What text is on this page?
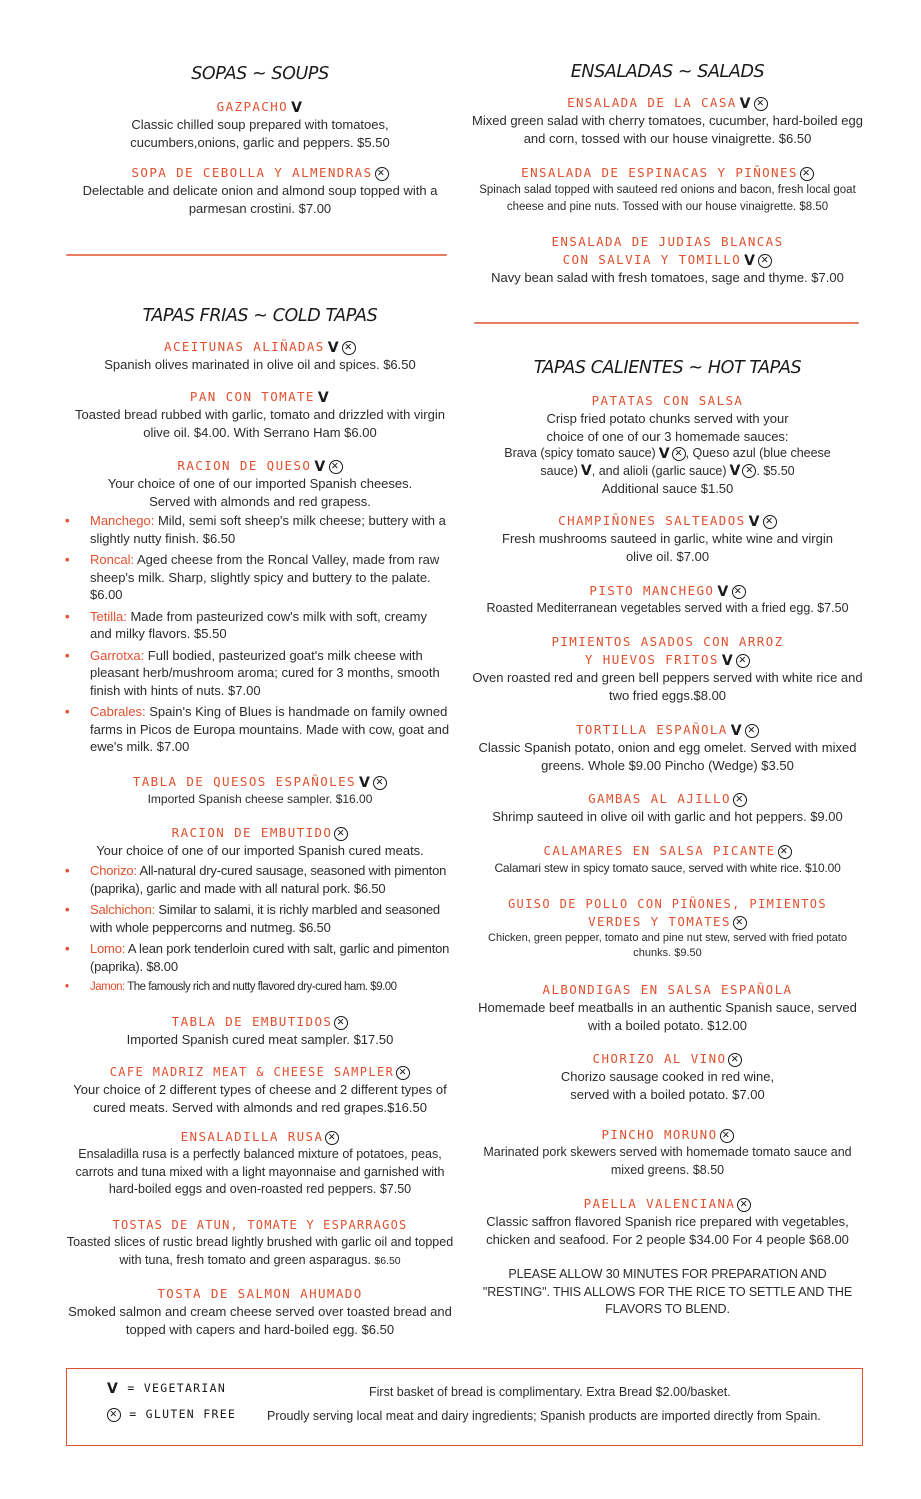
SOPAS ~ SOUPS
GAZPACHO V
Classic chilled soup prepared with tomatoes, cucumbers,onions, garlic and peppers. $5.50
SOPA DE CEBOLLA Y ALMENDRAS ✕
Delectable and delicate onion and almond soup topped with a parmesan crostini. $7.00
TAPAS FRIAS ~ COLD TAPAS
ACEITUNAS ALIÑADAS V ✕
Spanish olives marinated in olive oil and spices. $6.50
PAN CON TOMATE V
Toasted bread rubbed with garlic, tomato and drizzled with virgin olive oil. $4.00. With Serrano Ham $6.00
RACION DE QUESO V ✕
Your choice of one of our imported Spanish cheeses. Served with almonds and red grapess.
• Manchego: Mild, semi soft sheep's milk cheese; buttery with a slightly nutty finish. $6.50
• Roncal: Aged cheese from the Roncal Valley, made from raw sheep's milk. Sharp, slightly spicy and buttery to the palate. $6.00
• Tetilla: Made from pasteurized cow's milk with soft, creamy and milky flavors. $5.50
• Garrotxa: Full bodied, pasteurized goat's milk cheese with pleasant herb/mushroom aroma; cured for 3 months, smooth finish with hints of nuts. $7.00
• Cabrales: Spain's King of Blues is handmade on family owned farms in Picos de Europa mountains. Made with cow, goat and ewe's milk. $7.00
TABLA DE QUESOS ESPAÑOLES V ✕
Imported Spanish cheese sampler. $16.00
RACION DE EMBUTIDO ✕
Your choice of one of our imported Spanish cured meats.
• Chorizo: All-natural dry-cured sausage, seasoned with pimenton (paprika), garlic and made with all natural pork. $6.50
• Salchichon: Similar to salami, it is richly marbled and seasoned with whole peppercorns and nutmeg. $6.50
• Lomo: A lean pork tenderloin cured with salt, garlic and pimenton (paprika). $8.00
• Jamon: The famously rich and nutty flavored dry-cured ham. $9.00
TABLA DE EMBUTIDOS ✕
Imported Spanish cured meat sampler. $17.50
CAFE MADRIZ MEAT & CHEESE SAMPLER ✕
Your choice of 2 different types of cheese and 2 different types of cured meats. Served with almonds and red grapes.$16.50
ENSALADILLA RUSA ✕
Ensaladilla rusa is a perfectly balanced mixture of potatoes, peas, carrots and tuna mixed with a light mayonnaise and garnished with hard-boiled eggs and oven-roasted red peppers. $7.50
TOSTAS DE ATUN, TOMATE Y ESPARRAGOS
Toasted slices of rustic bread lightly brushed with garlic oil and topped with tuna, fresh tomato and green asparagus. $6.50
TOSTA DE SALMON AHUMADO
Smoked salmon and cream cheese served over toasted bread and topped with capers and hard-boiled egg. $6.50
ENSALADAS ~ SALADS
ENSALADA DE LA CASA V ✕
Mixed green salad with cherry tomatoes, cucumber, hard-boiled egg and corn, tossed with our house vinaigrette. $6.50
ENSALADA DE ESPINACAS Y PIÑONES ✕
Spinach salad topped with sauteed red onions and bacon, fresh local goat cheese and pine nuts. Tossed with our house vinaigrette. $8.50
ENSALADA DE JUDIAS BLANCAS
CON SALVIA Y TOMILLO V ✕
Navy bean salad with fresh tomatoes, sage and thyme. $7.00
TAPAS CALIENTES ~ HOT TAPAS
PATATAS CON SALSA
Crisp fried potato chunks served with your
choice of one of our 3 homemade sauces:
Brava (spicy tomato sauce) V ✕ , Queso azul (blue cheese
sauce) V, and alioli (garlic sauce) V ✕ . $5.50
Additional sauce $1.50
CHAMPIÑONES SALTEADOS V ✕
Fresh mushrooms sauteed in garlic, white wine and virgin olive oil. $7.00
PISTO MANCHEGO V ✕
Roasted Mediterranean vegetables served with a fried egg. $7.50
PIMIENTOS ASADOS CON ARROZ
Y HUEVOS FRITOS V ✕
Oven roasted red and green bell peppers served with white rice and two fried eggs.$8.00
TORTILLA ESPAÑOLA V ✕
Classic Spanish potato, onion and egg omelet. Served with mixed greens. Whole $9.00 Pincho (Wedge) $3.50
GAMBAS AL AJILLO ✕
Shrimp sauteed in olive oil with garlic and hot peppers. $9.00
CALAMARES EN SALSA PICANTE ✕
Calamari stew in spicy tomato sauce, served with white rice. $10.00
GUISO DE POLLO CON PIÑONES, PIMIENTOS
VERDES Y TOMATES ✕
Chicken, green pepper, tomato and pine nut stew, served with fried potato chunks. $9.50
ALBONDIGAS EN SALSA ESPAÑOLA
Homemade beef meatballs in an authentic Spanish sauce, served with a boiled potato. $12.00
CHORIZO AL VINO ✕
Chorizo sausage cooked in red wine, served with a boiled potato. $7.00
PINCHO MORUNO ✕
Marinated pork skewers served with homemade tomato sauce and mixed greens. $8.50
PAELLA VALENCIANA ✕
Classic saffron flavored Spanish rice prepared with vegetables, chicken and seafood. For 2 people $34.00 For 4 people $68.00
PLEASE ALLOW 30 MINUTES FOR PREPARATION AND "RESTING". THIS ALLOWS FOR THE RICE TO SETTLE AND THE FLAVORS TO BLEND.
V = VEGETARIAN
✕ = GLUTEN FREE
First basket of bread is complimentary. Extra Bread $2.00/basket.
Proudly serving local meat and dairy ingredients; Spanish products are imported directly from Spain.
